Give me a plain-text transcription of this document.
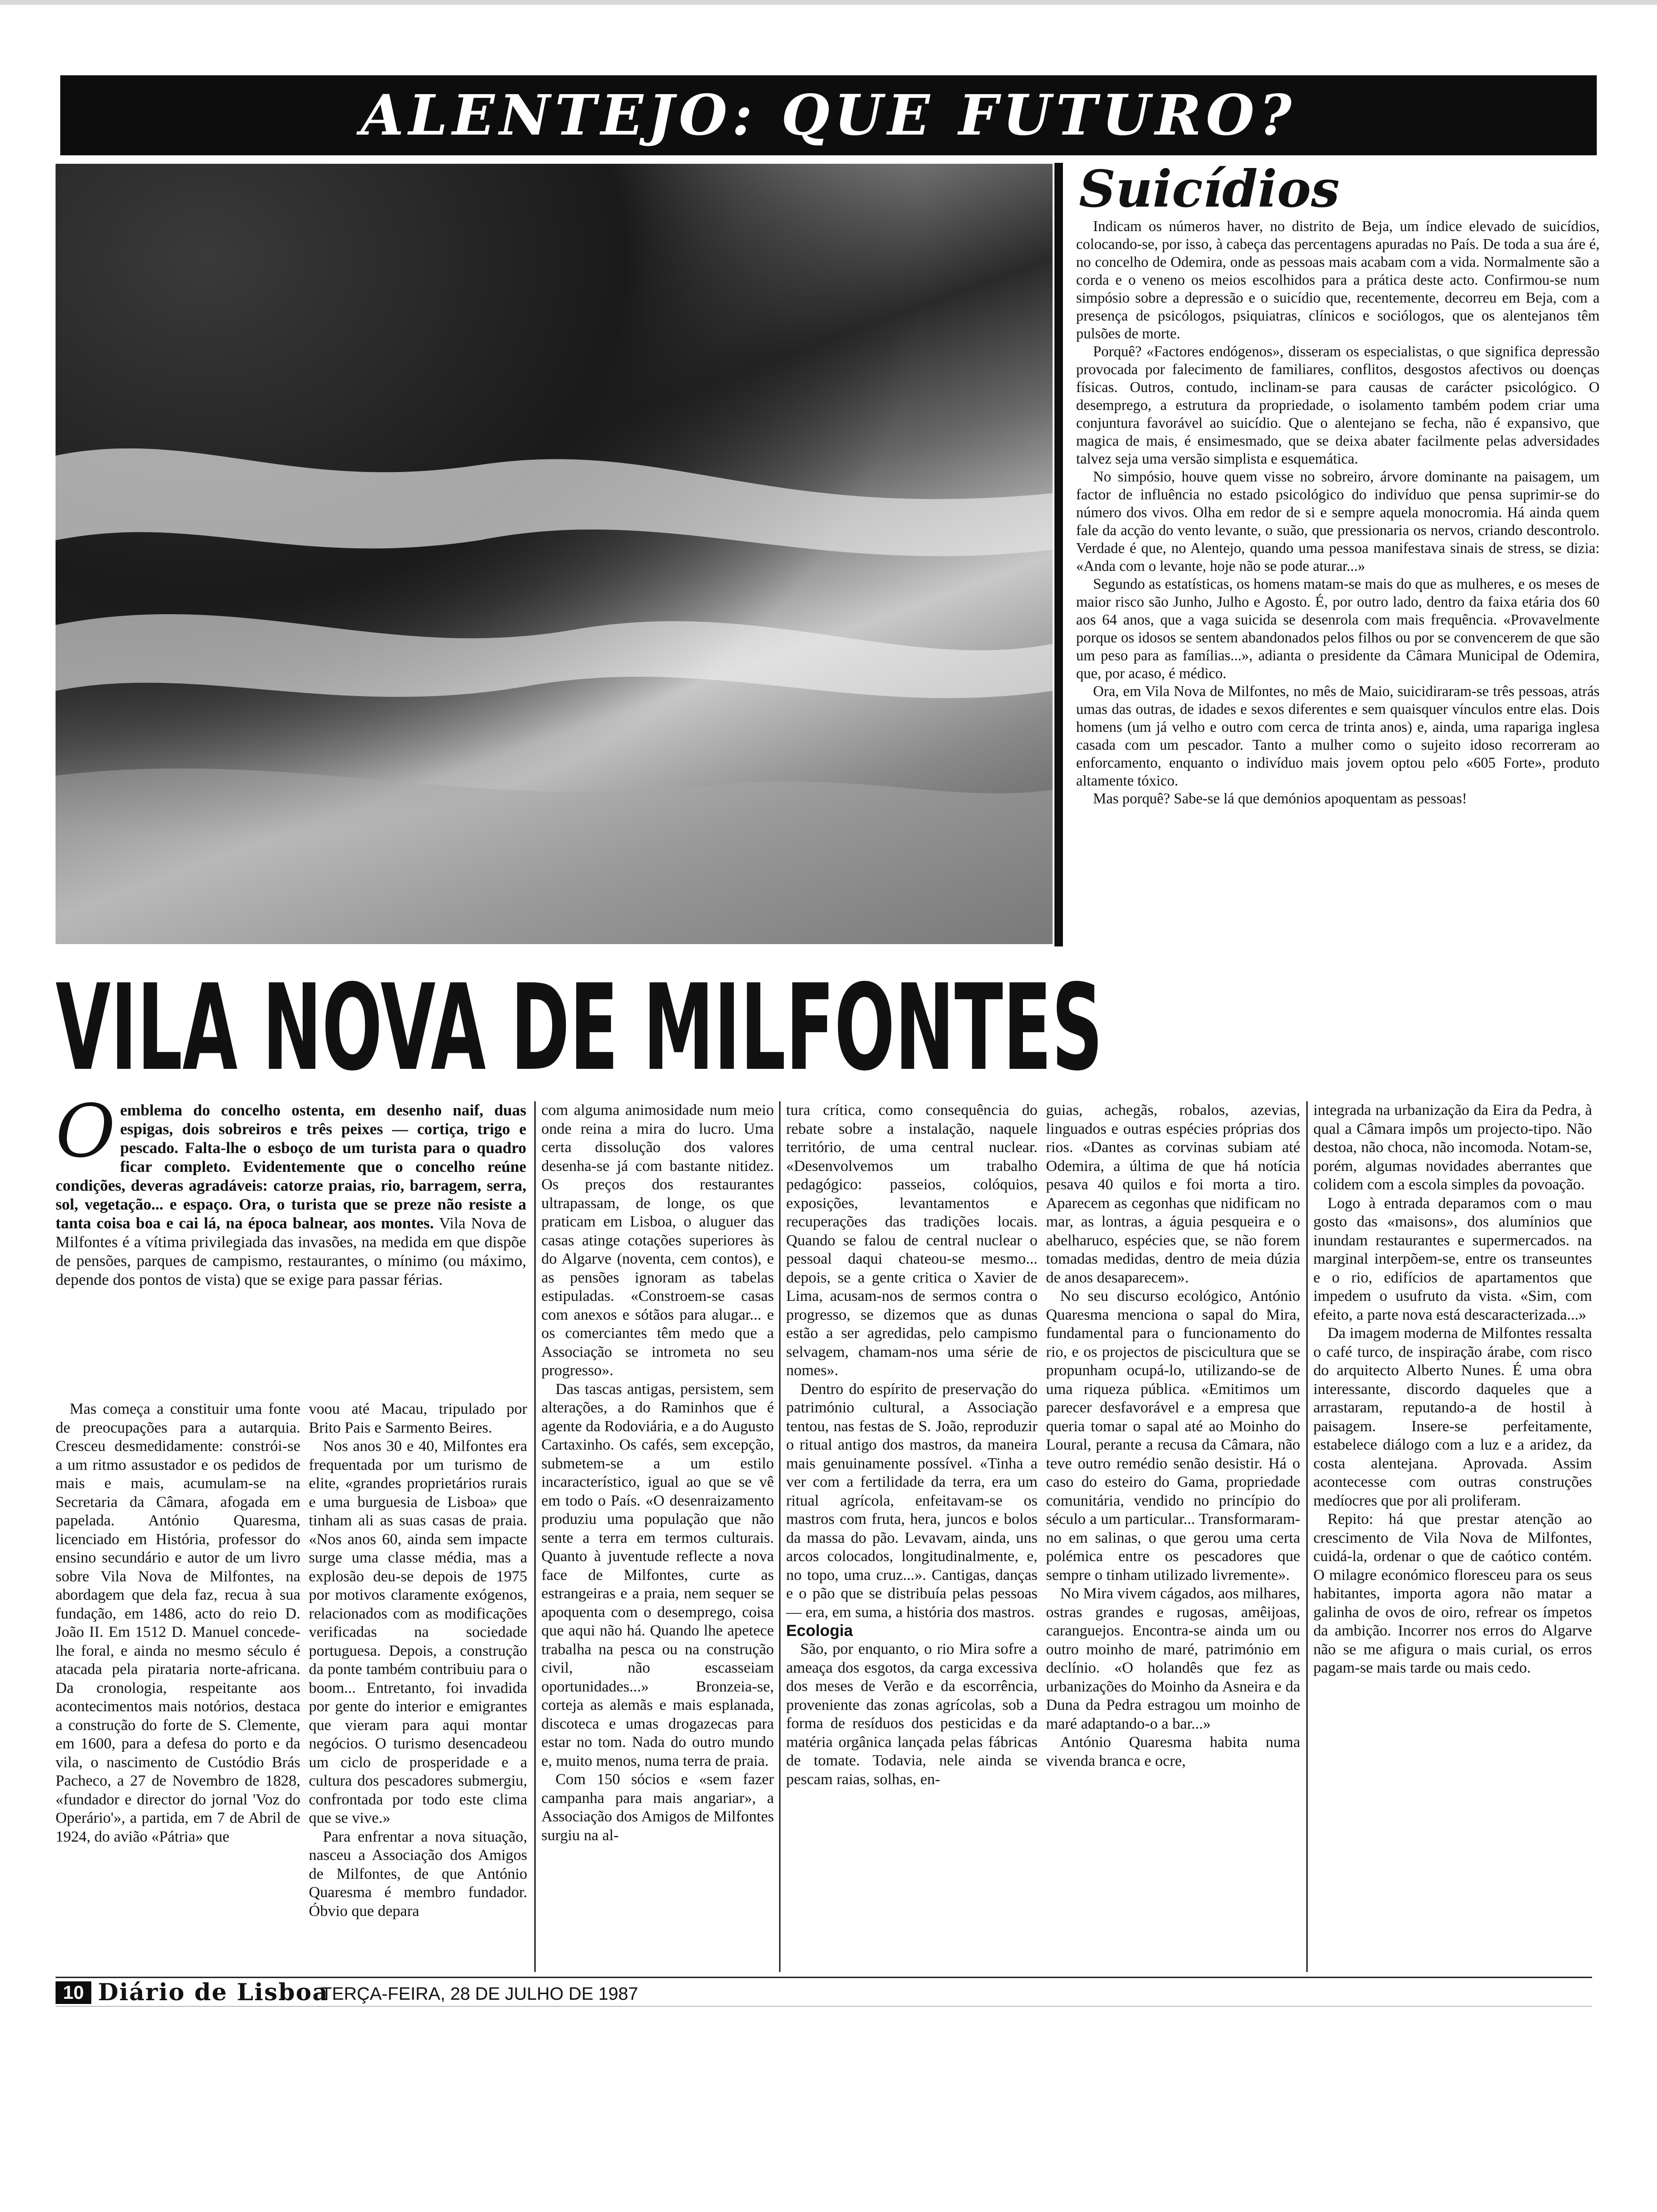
ALENTEJO: QUE FUTURO?
Suicídios

Indicam os números haver, no distrito de Beja, um índice elevado de suicídios, colocando-se, por isso, à cabeça das percentagens apuradas no País. De toda a sua áre é, no concelho de Odemira, onde as pessoas mais acabam com a vida. Normalmente são a corda e o veneno os meios escolhidos para a prática deste acto. Confirmou-se num simpósio sobre a depressão e o suicídio que, recentemente, decorreu em Beja, com a presença de psicólogos, psiquiatras, clínicos e sociólogos, que os alentejanos têm pulsões de morte.

Porquê? «Factores endógenos», disseram os especialistas, o que significa depressão provocada por falecimento de familiares, conflitos, desgostos afectivos ou doenças físicas. Outros, contudo, inclinam-se para causas de carácter psicológico. O desemprego, a estrutura da propriedade, o isolamento também podem criar uma conjuntura favorável ao suicídio. Que o alentejano se fecha, não é expansivo, que magica de mais, é ensimesmado, que se deixa abater facilmente pelas adversidades talvez seja uma versão simplista e esquemática.

No simpósio, houve quem visse no sobreiro, árvore dominante na paisagem, um factor de influência no estado psicológico do indivíduo que pensa suprimir-se do número dos vivos. Olha em redor de si e sempre aquela monocromia. Há ainda quem fale da acção do vento levante, o suão, que pressionaria os nervos, criando descontrolo. Verdade é que, no Alentejo, quando uma pessoa manifestava sinais de stress, se dizia: «Anda com o levante, hoje não se pode aturar...»

Segundo as estatísticas, os homens matam-se mais do que as mulheres, e os meses de maior risco são Junho, Julho e Agosto. É, por outro lado, dentro da faixa etária dos 60 aos 64 anos, que a vaga suicida se desenrola com mais frequência. «Provavelmente porque os idosos se sentem abandonados pelos filhos ou por se convencerem de que são um peso para as famílias...», adianta o presidente da Câmara Municipal de Odemira, que, por acaso, é médico.

Ora, em Vila Nova de Milfontes, no mês de Maio, suicidiraram-se três pessoas, atrás umas das outras, de idades e sexos diferentes e sem quaisquer vínculos entre elas. Dois homens (um já velho e outro com cerca de trinta anos) e, ainda, uma rapariga inglesa casada com um pescador. Tanto a mulher como o sujeito idoso recorreram ao enforcamento, enquanto o indivíduo mais jovem optou pelo «605 Forte», produto altamente tóxico.

Mas porquê? Sabe-se lá que demónios apoquentam as pessoas!

VILA NOVA DE MILFONTES
Oemblema do concelho ostenta, em desenho naif, duas espigas, dois sobreiros e três peixes — cortiça, trigo e pescado. Falta-lhe o esboço de um turista para o quadro ficar completo. Evidentemente que o concelho reúne condições, deveras agradáveis: catorze praias, rio, barragem, serra, sol, vegetação... e espaço. Ora, o turista que se preze não resiste a tanta coisa boa e cai lá, na época balnear, aos montes. Vila Nova de Milfontes é a vítima privilegiada das invasões, na medida em que dispõe de pensões, parques de campismo, restaurantes, o mínimo (ou máximo, depende dos pontos de vista) que se exige para passar férias.

Mas começa a constituir uma fonte de preocupações para a autarquia. Cresceu desmedidamente: constrói-se a um ritmo assustador e os pedidos de mais e mais, acumulam-se na Secretaria da Câmara, afogada em papelada. António Quaresma, licenciado em História, professor do ensino secundário e autor de um livro sobre Vila Nova de Milfontes, na abordagem que dela faz, recua à sua fundação, em 1486, acto do reio D. João II. Em 1512 D. Manuel concede-lhe foral, e ainda no mesmo século é atacada pela pirataria norte-africana. Da cronologia, respeitante aos acontecimentos mais notórios, destaca a construção do forte de S. Clemente, em 1600, para a defesa do porto e da vila, o nascimento de Custódio Brás Pacheco, a 27 de Novembro de 1828, «fundador e director do jornal 'Voz do Operário'», a partida, em 7 de Abril de 1924, do avião «Pátria» que

voou até Macau, tripulado por Brito Pais e Sarmento Beires.

Nos anos 30 e 40, Milfontes era frequentada por um turismo de elite, «grandes proprietários rurais e uma burguesia de Lisboa» que tinham ali as suas casas de praia. «Nos anos 60, ainda sem impacte surge uma classe média, mas a explosão deu-se depois de 1975 por motivos claramente exógenos, relacionados com as modificações verificadas na sociedade portuguesa. Depois, a construção da ponte também contribuiu para o boom... Entretanto, foi invadida por gente do interior e emigrantes que vieram para aqui montar negócios. O turismo desencadeou um ciclo de prosperidade e a cultura dos pescadores submergiu, confrontada por todo este clima que se vive.»

Para enfrentar a nova situação, nasceu a Associação dos Amigos de Milfontes, de que António Quaresma é membro fundador. Óbvio que depara

com alguma animosidade num meio onde reina a mira do lucro. Uma certa dissolução dos valores desenha-se já com bastante nitidez. Os preços dos restaurantes ultrapassam, de longe, os que praticam em Lisboa, o aluguer das casas atinge cotações superiores às do Algarve (noventa, cem contos), e as pensões ignoram as tabelas estipuladas. «Constroem-se casas com anexos e sótãos para alugar... e os comerciantes têm medo que a Associação se intrometa no seu progresso».

Das tascas antigas, persistem, sem alterações, a do Raminhos que é agente da Rodoviária, e a do Augusto Cartaxinho. Os cafés, sem excepção, submetem-se a um estilo incaracterístico, igual ao que se vê em todo o País. «O desenraizamento produziu uma população que não sente a terra em termos culturais. Quanto à juventude reflecte a nova face de Milfontes, curte as estrangeiras e a praia, nem sequer se apoquenta com o desemprego, coisa que aqui não há. Quando lhe apetece trabalha na pesca ou na construção civil, não escasseiam oportunidades...» Bronzeia-se, corteja as alemãs e mais esplanada, discoteca e umas drogazecas para estar no tom. Nada do outro mundo e, muito menos, numa terra de praia.

Com 150 sócios e «sem fazer campanha para mais angariar», a Associação dos Amigos de Milfontes surgiu na al-

tura crítica, como consequência do rebate sobre a instalação, naquele território, de uma central nuclear. «Desenvolvemos um trabalho pedagógico: passeios, colóquios, exposições, levantamentos e recuperações das tradições locais. Quando se falou de central nuclear o pessoal daqui chateou-se mesmo... depois, se a gente critica o Xavier de Lima, acusam-nos de sermos contra o progresso, se dizemos que as dunas estão a ser agredidas, pelo campismo selvagem, chamam-nos uma série de nomes».

Dentro do espírito de preservação do património cultural, a Associação tentou, nas festas de S. João, reproduzir o ritual antigo dos mastros, da maneira mais genuinamente possível. «Tinha a ver com a fertilidade da terra, era um ritual agrícola, enfeitavam-se os mastros com fruta, hera, juncos e bolos da massa do pão. Levavam, ainda, uns arcos colocados, longitudinalmente, e, no topo, uma cruz...». Cantigas, danças e o pão que se distribuía pelas pessoas — era, em suma, a história dos mastros.

Ecologia

São, por enquanto, o rio Mira sofre a ameaça dos esgotos, da carga excessiva dos meses de Verão e da escorrência, proveniente das zonas agrícolas, sob a forma de resíduos dos pesticidas e da matéria orgânica lançada pelas fábricas de tomate. Todavia, nele ainda se pescam raias, solhas, en-

guias, achegãs, robalos, azevias, linguados e outras espécies próprias dos rios. «Dantes as corvinas subiam até Odemira, a última de que há notícia pesava 40 quilos e foi morta a tiro. Aparecem as cegonhas que nidificam no mar, as lontras, a águia pesqueira e o abelharuco, espécies que, se não forem tomadas medidas, dentro de meia dúzia de anos desaparecem».

No seu discurso ecológico, António Quaresma menciona o sapal do Mira, fundamental para o funcionamento do rio, e os projectos de piscicultura que se propunham ocupá-lo, utilizando-se de uma riqueza pública. «Emitimos um parecer desfavorável e a empresa que queria tomar o sapal até ao Moinho do Loural, perante a recusa da Câmara, não teve outro remédio senão desistir. Há o caso do esteiro do Gama, propriedade comunitária, vendido no princípio do século a um particular... Transformaram-no em salinas, o que gerou uma certa polémica entre os pescadores que sempre o tinham utilizado livremente».

No Mira vivem cágados, aos milhares, ostras grandes e rugosas, amêijoas, caranguejos. Encontra-se ainda um ou outro moinho de maré, património em declínio. «O holandês que fez as urbanizações do Moinho da Asneira e da Duna da Pedra estragou um moinho de maré adaptando-o a bar...»

António Quaresma habita numa vivenda branca e ocre,

integrada na urbanização da Eira da Pedra, à qual a Câmara impôs um projecto-tipo. Não destoa, não choca, não incomoda. Notam-se, porém, algumas novidades aberrantes que colidem com a escola simples da povoação.

Logo à entrada deparamos com o mau gosto das «maisons», dos alumínios que inundam restaurantes e supermercados. na marginal interpõem-se, entre os transeuntes e o rio, edifícios de apartamentos que impedem o usufruto da vista. «Sim, com efeito, a parte nova está descaracterizada...»

Da imagem moderna de Milfontes ressalta o café turco, de inspiração árabe, com risco do arquitecto Alberto Nunes. É uma obra interessante, discordo daqueles que a arrastaram, reputando-a de hostil à paisagem. Insere-se perfeitamente, estabelece diálogo com a luz e a aridez, da costa alentejana. Aprovada. Assim acontecesse com outras construções medíocres que por ali proliferam.

Repito: há que prestar atenção ao crescimento de Vila Nova de Milfontes, cuidá-la, ordenar o que de caótico contém. O milagre económico floresceu para os seus habitantes, importa agora não matar a galinha de ovos de oiro, refrear os ímpetos da ambição. Incorrer nos erros do Algarve não se me afigura o mais curial, os erros pagam-se mais tarde ou mais cedo.

10 Diário de Lisboa
TERÇA-FEIRA, 28 DE JULHO DE 1987
